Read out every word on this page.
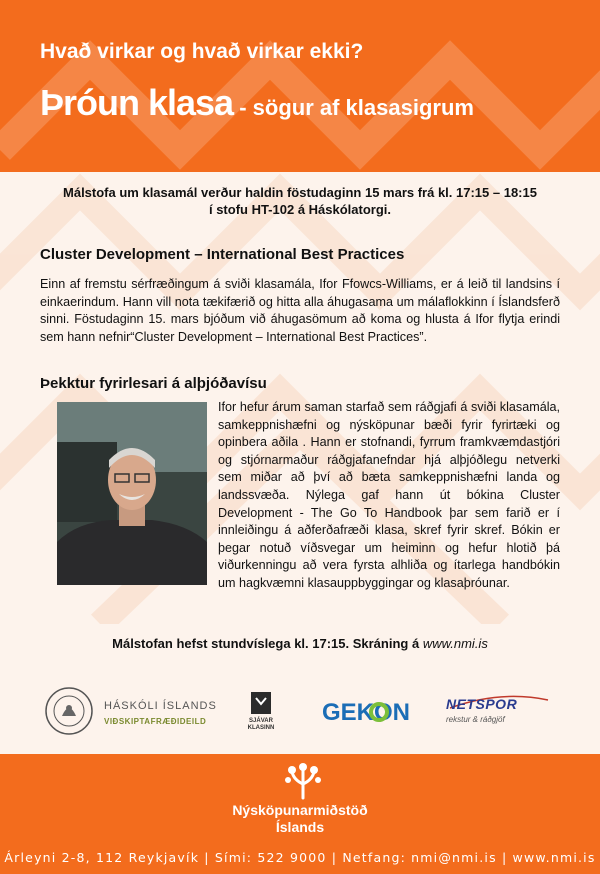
Hvað virkar og hvað virkar ekki?
Þróun klasa - sögur af klasasigrum
Málstofa um klasamál verður haldin föstudaginn 15 mars frá kl. 17:15 – 18:15
í stofu HT-102 á Háskólatorgi.
Cluster Development – International Best Practices
Einn af fremstu sérfræðingum á sviði klasamála, Ifor Ffowcs-Williams, er á leið til landsins í einkaerindum. Hann vill nota tækifærið og hitta alla áhugasama um málaflokkinn í Íslandsferð sinni. Föstudaginn 15. mars bjóðum við áhugasömum að koma og hlusta á Ifor flytja erindi sem hann nefnir“Cluster Development – International Best Practices”.
Þekktur fyrirlesari á alþjóðavísu
Ifor hefur árum saman starfað sem ráðgjafi á sviði klasamála, samkeppnishæfni og nýsköpunar bæði fyrir fyrirtæki og opinbera aðila . Hann er stofnandi, fyrrum framkvæmdastjóri og stjórnarmaður ráðgjafanefndar hjá alþjóðlegu netverki sem miðar að því að bæta samkeppnishæfni landa og landssvæða. Nýlega gaf hann út bókina Cluster Development - The Go To Handbook þar sem farið er í innleiðingu á aðferðafræði klasa, skref fyrir skref. Bókin er þegar notuð víðsvegar um heiminn og hefur hlotið þá viðurkenningu að vera fyrsta alhliða og ítarlega handbókin um hagkvæmni klasauppbyggingar og klasaþróunar.
Málstofan hefst stundvíslega kl. 17:15. Skráning á www.nmi.is
HÁSKÓLI ÍSLANDS
VIÐSKIPTAFRÆÐIDEILD	SJÁVAR
KLASINN
GEKON	NETSPOR
rekstur & ráðgjöf
Nýsköpunarmiðstöð
Íslands
Árleyni 2-8, 112 Reykjavík | Sími: 522 9000 | Netfang: nmi@nmi.is | www.nmi.is
